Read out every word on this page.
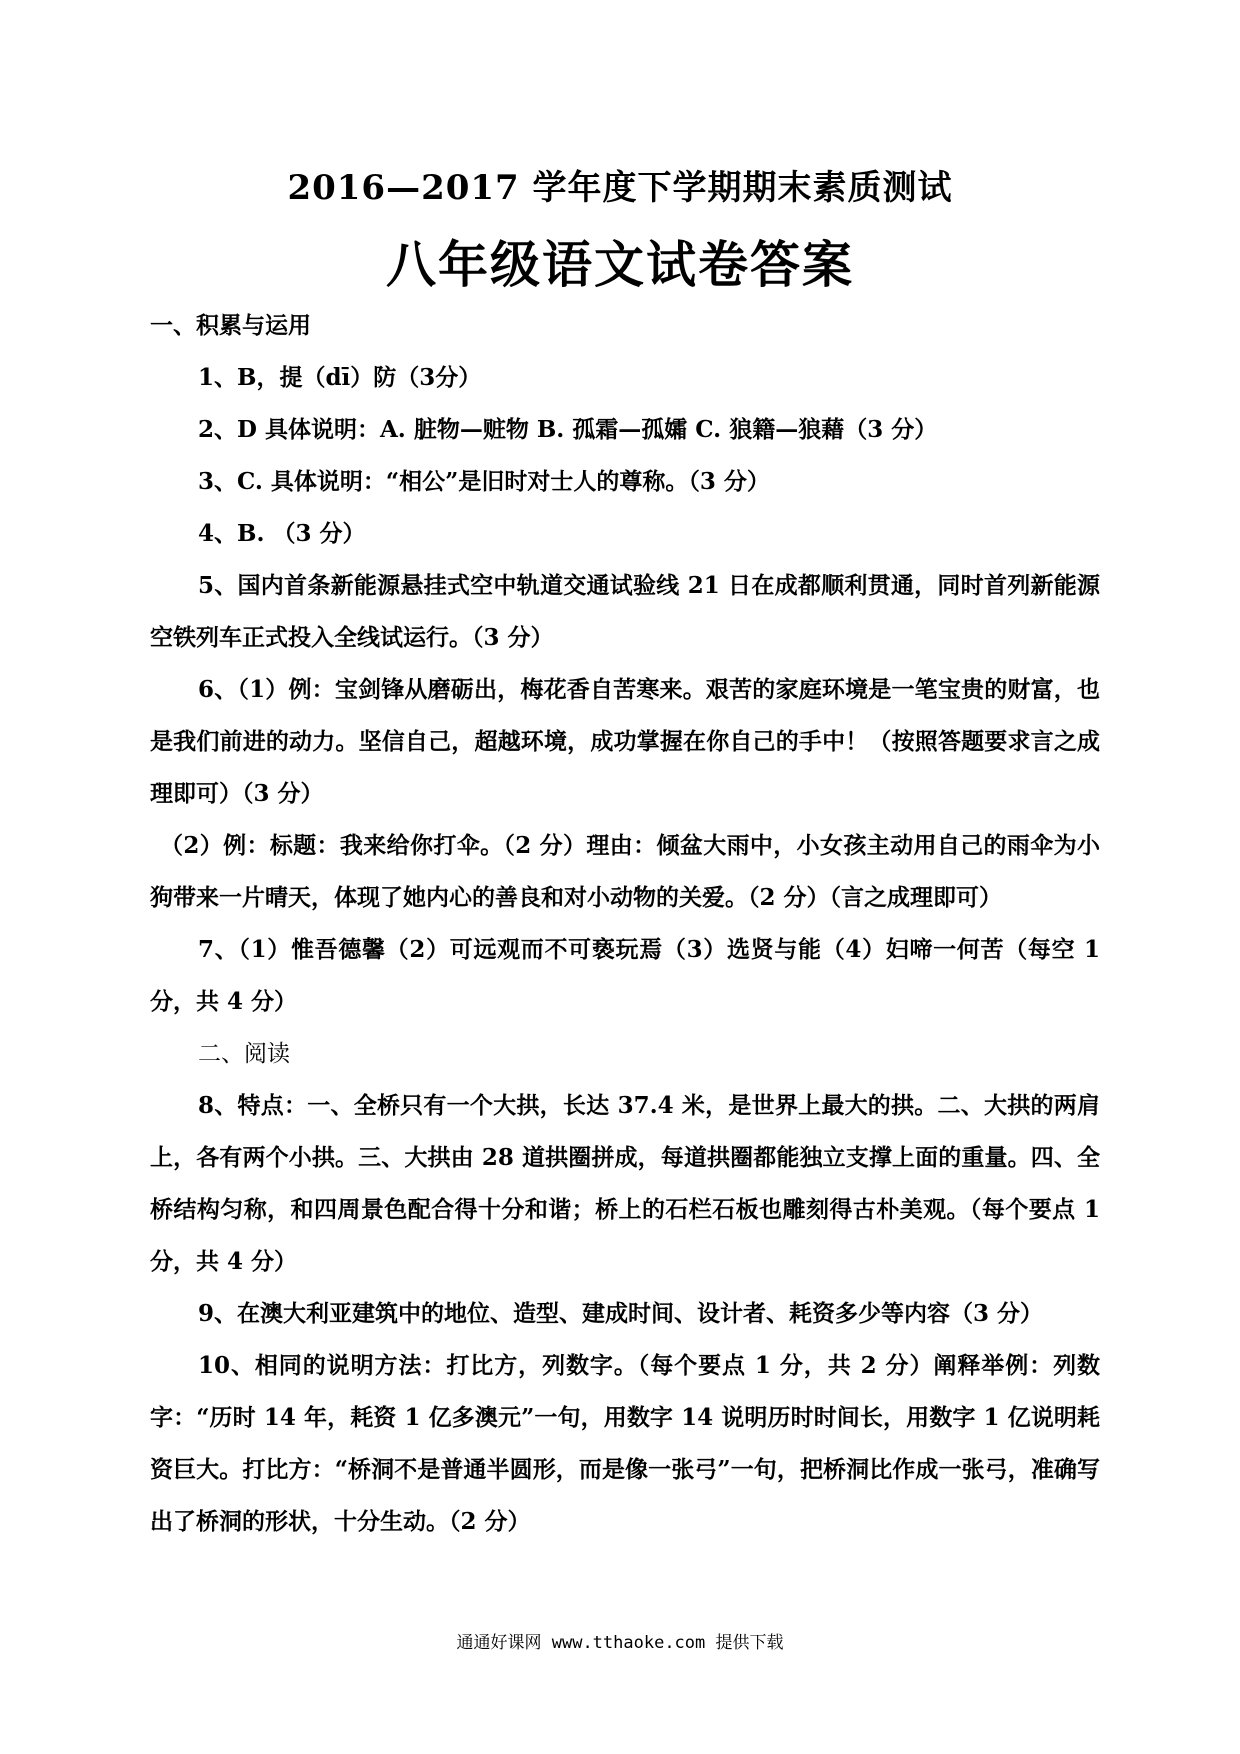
2016—2017 学年度下学期期末素质测试
八年级语文试卷答案

一、积累与运用

1、B，提（dī）防（3分）

2、D 具体说明：A. 脏物—赃物 B. 孤霜—孤孀 C. 狼籍—狼藉（3 分）

3、C. 具体说明：“相公”是旧时对士人的尊称。（3 分）

4、B. （3 分）

5、国内首条新能源悬挂式空中轨道交通试验线 21 日在成都顺利贯通，同时首列新能源空铁列车正式投入全线试运行。（3 分）

6、（1）例：宝剑锋从磨砺出，梅花香自苦寒来。艰苦的家庭环境是一笔宝贵的财富，也是我们前进的动力。坚信自己，超越环境，成功掌握在你自己的手中！（按照答题要求言之成理即可）（3 分）

（2）例：标题：我来给你打伞。（2 分）理由：倾盆大雨中，小女孩主动用自己的雨伞为小狗带来一片晴天，体现了她内心的善良和对小动物的关爱。（2 分）（言之成理即可）

7、（1）惟吾德馨（2）可远观而不可亵玩焉（3）选贤与能（4）妇啼一何苦（每空 1 分，共 4 分）

二、阅读

8、特点：一、全桥只有一个大拱，长达 37.4 米，是世界上最大的拱。二、大拱的两肩上，各有两个小拱。三、大拱由 28 道拱圈拼成，每道拱圈都能独立支撑上面的重量。四、全桥结构匀称，和四周景色配合得十分和谐；桥上的石栏石板也雕刻得古朴美观。（每个要点 1 分，共 4 分）

9、在澳大利亚建筑中的地位、造型、建成时间、设计者、耗资多少等内容（3 分）

10、相同的说明方法：打比方，列数字。（每个要点 1 分，共 2 分）阐释举例：列数字：“历时 14 年，耗资 1 亿多澳元”一句，用数字 14 说明历时时间长，用数字 1 亿说明耗资巨大。打比方：“桥洞不是普通半圆形，而是像一张弓”一句，把桥洞比作成一张弓，准确写出了桥洞的形状，十分生动。（2 分）

通通好课网 www.tthaoke.com 提供下载
